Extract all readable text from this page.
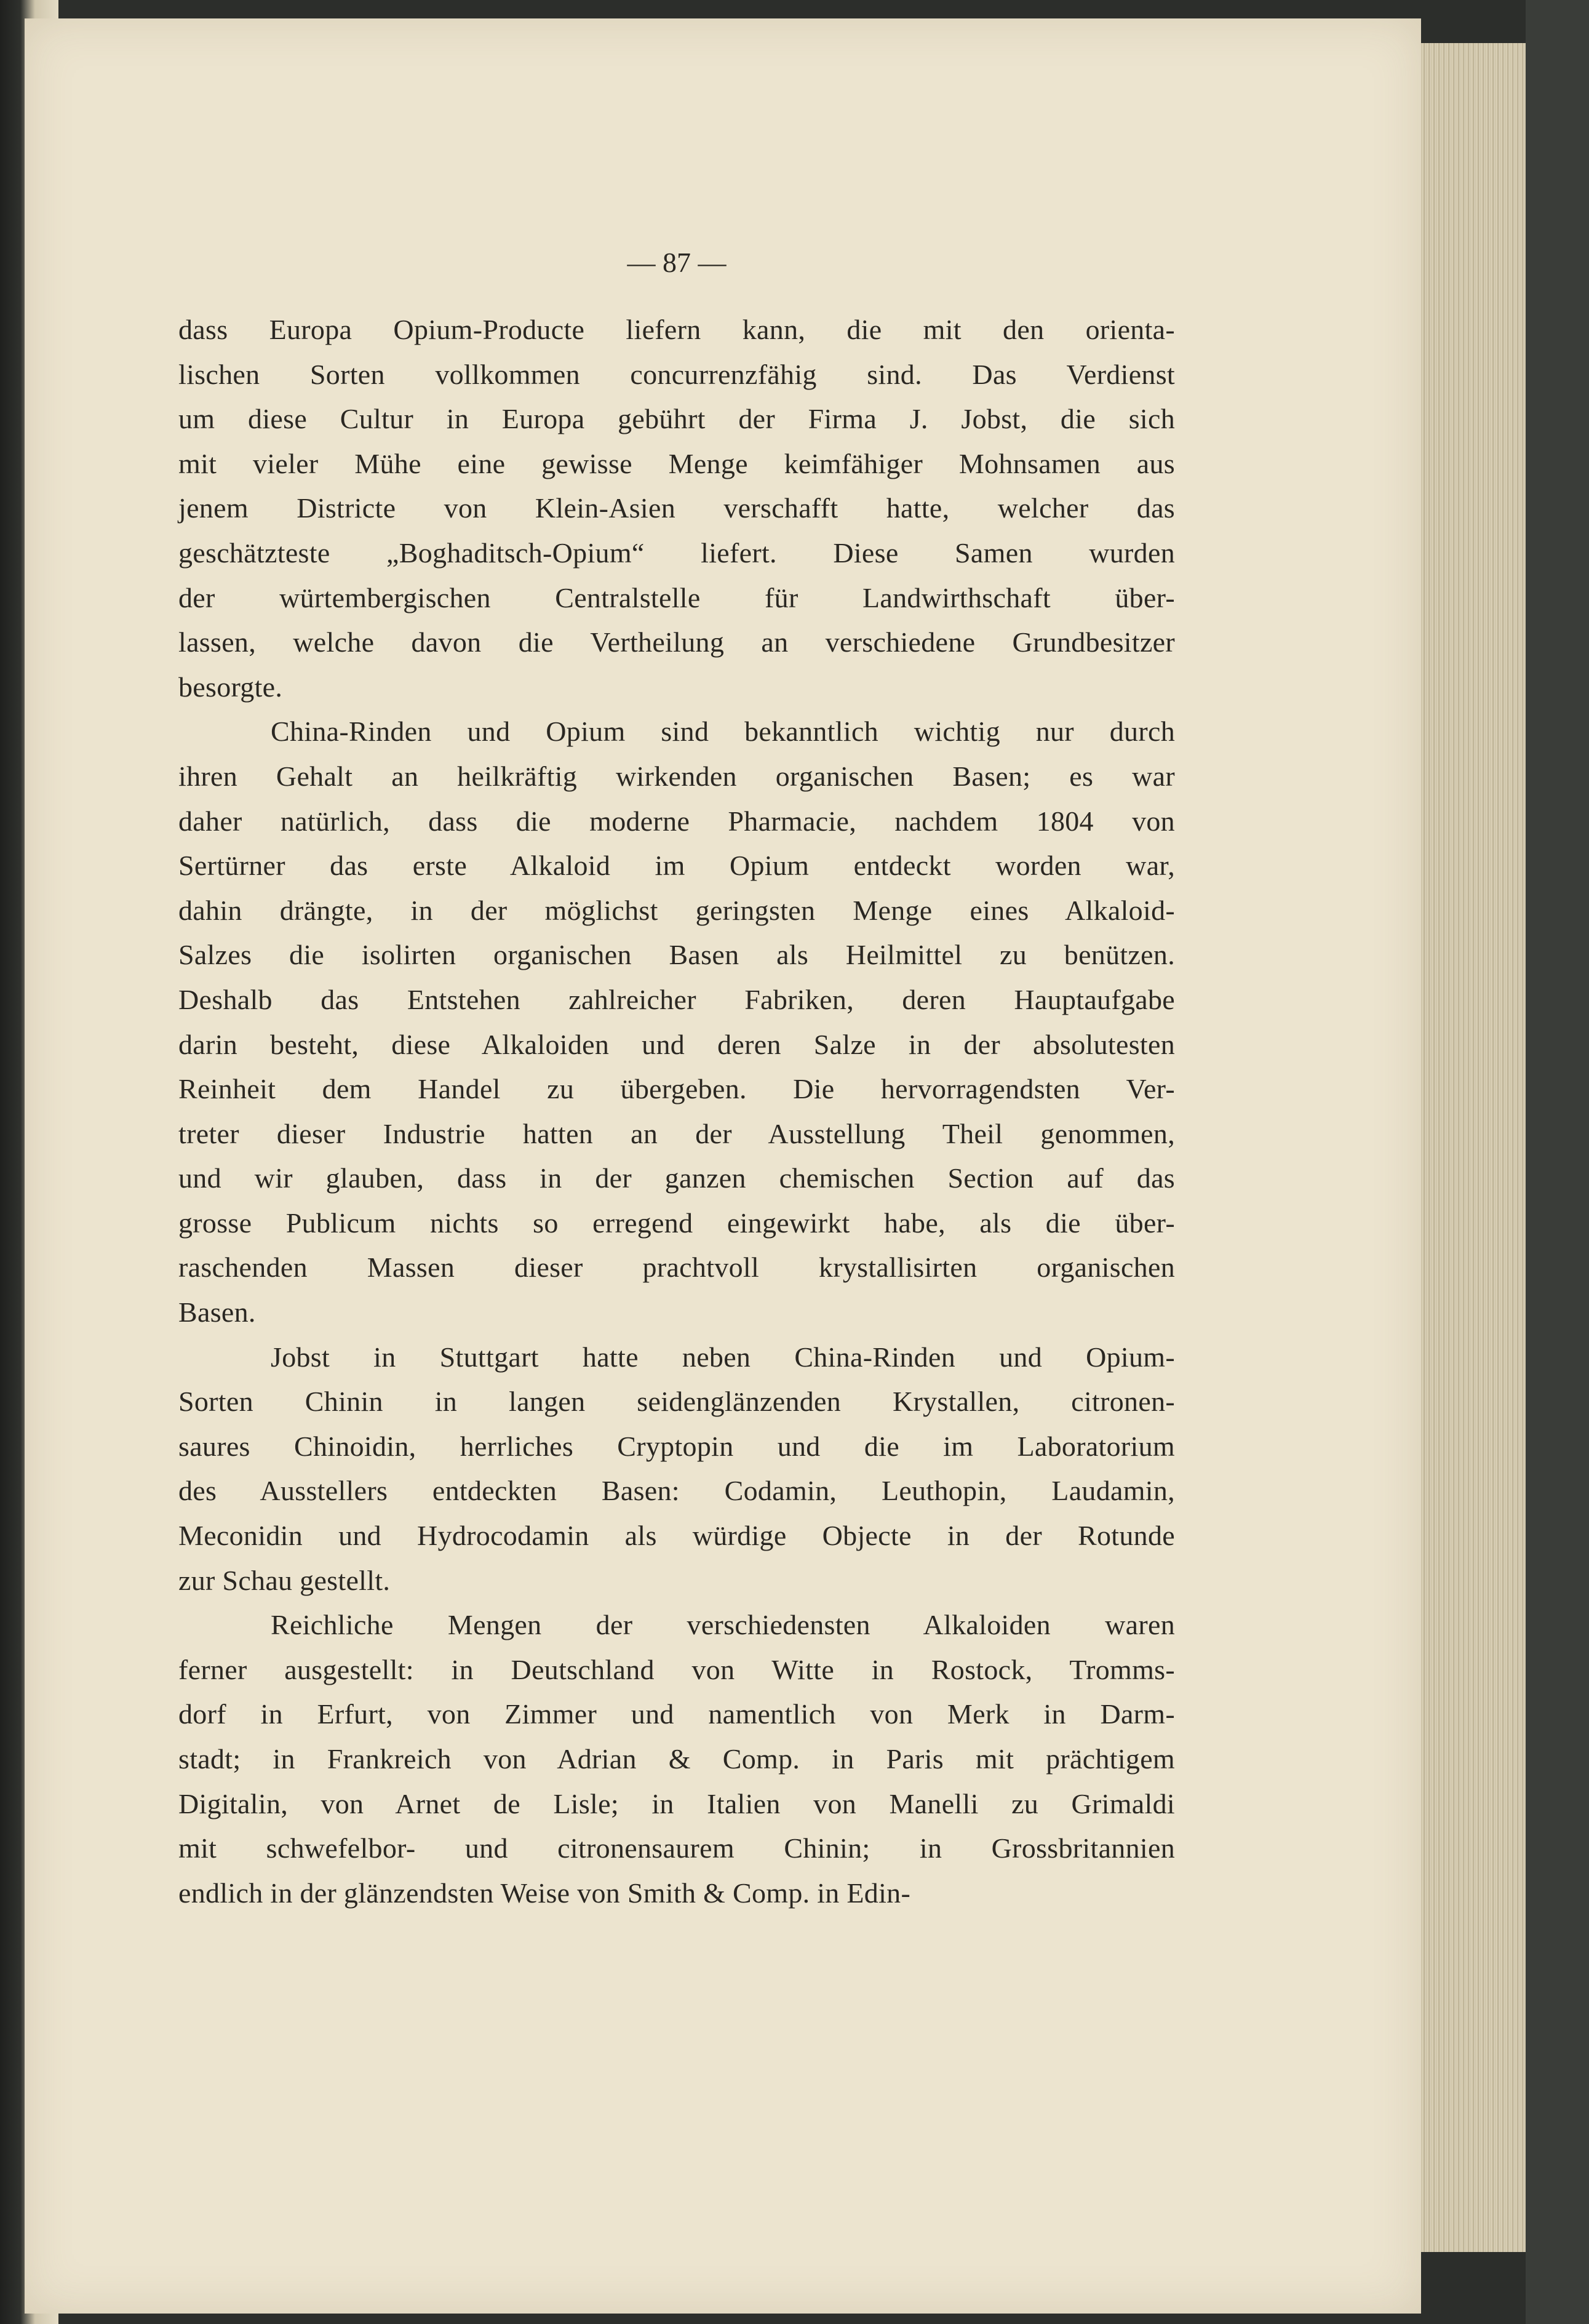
— 87 —
dass Europa Opium-Producte liefern kann, die mit den orienta-
lischen Sorten vollkommen concurrenzfähig sind. Das Verdienst
um diese Cultur in Europa gebührt der Firma J. Jobst, die sich
mit vieler Mühe eine gewisse Menge keimfähiger Mohnsamen aus
jenem Districte von Klein-Asien verschafft hatte, welcher das
geschätzteste „Boghaditsch-Opium“ liefert. Diese Samen wurden
der würtembergischen Centralstelle für Landwirthschaft über-
lassen, welche davon die Vertheilung an verschiedene Grundbesitzer
besorgte.
China-Rinden und Opium sind bekanntlich wichtig nur durch
ihren Gehalt an heilkräftig wirkenden organischen Basen; es war
daher natürlich, dass die moderne Pharmacie, nachdem 1804 von
Sertürner das erste Alkaloid im Opium entdeckt worden war,
dahin drängte, in der möglichst geringsten Menge eines Alkaloid-
Salzes die isolirten organischen Basen als Heilmittel zu benützen.
Deshalb das Entstehen zahlreicher Fabriken, deren Hauptaufgabe
darin besteht, diese Alkaloiden und deren Salze in der absolutesten
Reinheit dem Handel zu übergeben. Die hervorragendsten Ver-
treter dieser Industrie hatten an der Ausstellung Theil genommen,
und wir glauben, dass in der ganzen chemischen Section auf das
grosse Publicum nichts so erregend eingewirkt habe, als die über-
raschenden Massen dieser prachtvoll krystallisirten organischen
Basen.
Jobst in Stuttgart hatte neben China-Rinden und Opium-
Sorten Chinin in langen seidenglänzenden Krystallen, citronen-
saures Chinoidin, herrliches Cryptopin und die im Laboratorium
des Ausstellers entdeckten Basen: Codamin, Leuthopin, Laudamin,
Meconidin und Hydrocodamin als würdige Objecte in der Rotunde
zur Schau gestellt.
Reichliche Mengen der verschiedensten Alkaloiden waren
ferner ausgestellt: in Deutschland von Witte in Rostock, Tromms-
dorf in Erfurt, von Zimmer und namentlich von Merk in Darm-
stadt; in Frankreich von Adrian & Comp. in Paris mit prächtigem
Digitalin, von Arnet de Lisle; in Italien von Manelli zu Grimaldi
mit schwefelbor- und citronensaurem Chinin; in Grossbritannien
endlich in der glänzendsten Weise von Smith & Comp. in Edin-
